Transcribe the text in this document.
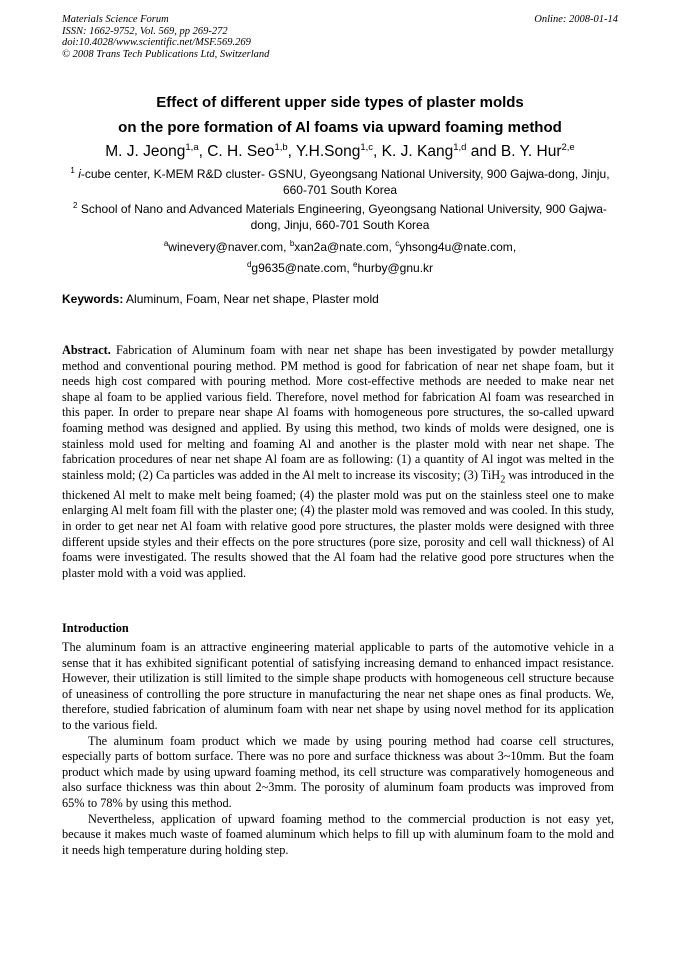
Materials Science Forum
ISSN: 1662-9752, Vol. 569, pp 269-272
doi:10.4028/www.scientific.net/MSF.569.269
© 2008 Trans Tech Publications Ltd, Switzerland
Online: 2008-01-14
Effect of different upper side types of plaster molds
on the pore formation of Al foams via upward foaming method
M. J. Jeong$^{1,a}$, C. H. Seo$^{1,b}$, Y.H.Song$^{1,c}$, K. J. Kang$^{1,d}$ and B. Y. Hur$^{2,e}$
$^1$ i-cube center, K-MEM R&D cluster- GSNU, Gyeongsang National University, 900 Gajwa-dong, Jinju, 660-701 South Korea
$^2$ School of Nano and Advanced Materials Engineering, Gyeongsang National University, 900 Gajwa-dong, Jinju, 660-701 South Korea
$^a$winevery@naver.com, $^b$xan2a@nate.com, $^c$yhsong4u@nate.com,
$^d$g9635@nate.com, $^e$hurby@gnu.kr
Keywords: Aluminum, Foam, Near net shape, Plaster mold
Abstract. Fabrication of Aluminum foam with near net shape has been investigated by powder metallurgy method and conventional pouring method. PM method is good for fabrication of near net shape foam, but it needs high cost compared with pouring method. More cost-effective methods are needed to make near net shape al foam to be applied various field. Therefore, novel method for fabrication Al foam was researched in this paper. In order to prepare near shape Al foams with homogeneous pore structures, the so-called upward foaming method was designed and applied. By using this method, two kinds of molds were designed, one is stainless mold used for melting and foaming Al and another is the plaster mold with near net shape. The fabrication procedures of near net shape Al foam are as following: (1) a quantity of Al ingot was melted in the stainless mold; (2) Ca particles was added in the Al melt to increase its viscosity; (3) TiH$_2$ was introduced in the thickened Al melt to make melt being foamed; (4) the plaster mold was put on the stainless steel one to make enlarging Al melt foam fill with the plaster one; (4) the plaster mold was removed and was cooled. In this study, in order to get near net Al foam with relative good pore structures, the plaster molds were designed with three different upside styles and their effects on the pore structures (pore size, porosity and cell wall thickness) of Al foams were investigated. The results showed that the Al foam had the relative good pore structures when the plaster mold with a void was applied.
Introduction

The aluminum foam is an attractive engineering material applicable to parts of the automotive vehicle in a sense that it has exhibited significant potential of satisfying increasing demand to enhanced impact resistance. However, their utilization is still limited to the simple shape products with homogeneous cell structure because of uneasiness of controlling the pore structure in manufacturing the near net shape ones as final products. We, therefore, studied fabrication of aluminum foam with near net shape by using novel method for its application to the various field.

The aluminum foam product which we made by using pouring method had coarse cell structures, especially parts of bottom surface. There was no pore and surface thickness was about 3~10mm. But the foam product which made by using upward foaming method, its cell structure was comparatively homogeneous and also surface thickness was thin about 2~3mm. The porosity of aluminum foam products was improved from 65% to 78% by using this method.

Nevertheless, application of upward foaming method to the commercial production is not easy yet, because it makes much waste of foamed aluminum which helps to fill up with aluminum foam to the mold and it needs high temperature during holding step.
